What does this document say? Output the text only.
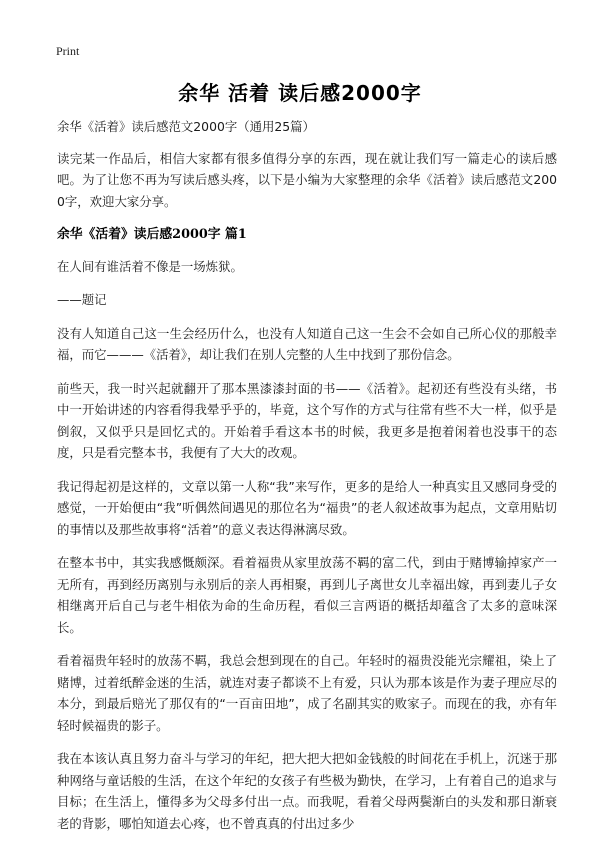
Print
余华 活着 读后感2000字

余华《活着》读后感范文2000字（通用25篇）

读完某一作品后，相信大家都有很多值得分享的东西，现在就让我们写一篇走心的读后感吧。为了让您不再为写读后感头疼，以下是小编为大家整理的余华《活着》读后感范文2000字，欢迎大家分享。

余华《活着》读后感2000字 篇1

在人间有谁活着不像是一场炼狱。

——题记

没有人知道自己这一生会经历什么，也没有人知道自己这一生会不会如自己所心仪的那般幸福，而它———《活着》，却让我们在别人完整的人生中找到了那份信念。

前些天，我一时兴起就翻开了那本黑漆漆封面的书——《活着》。起初还有些没有头绪，书中一开始讲述的内容看得我晕乎乎的，毕竟，这个写作的方式与往常有些不大一样，似乎是倒叙，又似乎只是回忆式的。开始着手看这本书的时候，我更多是抱着闲着也没事干的态度，只是看完整本书，我便有了大大的改观。

我记得起初是这样的，文章以第一人称“我”来写作，更多的是给人一种真实且又感同身受的感觉，一开始便由“我”听偶然间遇见的那位名为“福贵”的老人叙述故事为起点，文章用贴切的事情以及那些故事将“活着”的意义表达得淋漓尽致。

在整本书中，其实我感慨颇深。看着福贵从家里放荡不羁的富二代，到由于赌博输掉家产一无所有，再到经历离别与永别后的亲人再相聚，再到儿子离世女儿幸福出嫁，再到妻儿子女相继离开后自己与老牛相依为命的生命历程，看似三言两语的概括却蕴含了太多的意味深长。

看着福贵年轻时的放荡不羁，我总会想到现在的自己。年轻时的福贵没能光宗耀祖，染上了赌博，过着纸醉金迷的生活，就连对妻子都谈不上有爱，只认为那本该是作为妻子理应尽的本分，到最后赔光了那仅有的“一百亩田地”，成了名副其实的败家子。而现在的我，亦有年轻时候福贵的影子。

我在本该认真且努力奋斗与学习的年纪，把大把大把如金钱般的时间花在手机上，沉迷于那种网络与童话般的生活，在这个年纪的女孩子有些极为勤快，在学习，上有着自己的追求与目标；在生活上，懂得多为父母多付出一点。而我呢，看着父母两鬓渐白的头发和那日渐衰老的背影，哪怕知道去心疼，也不曾真真的付出过多少
